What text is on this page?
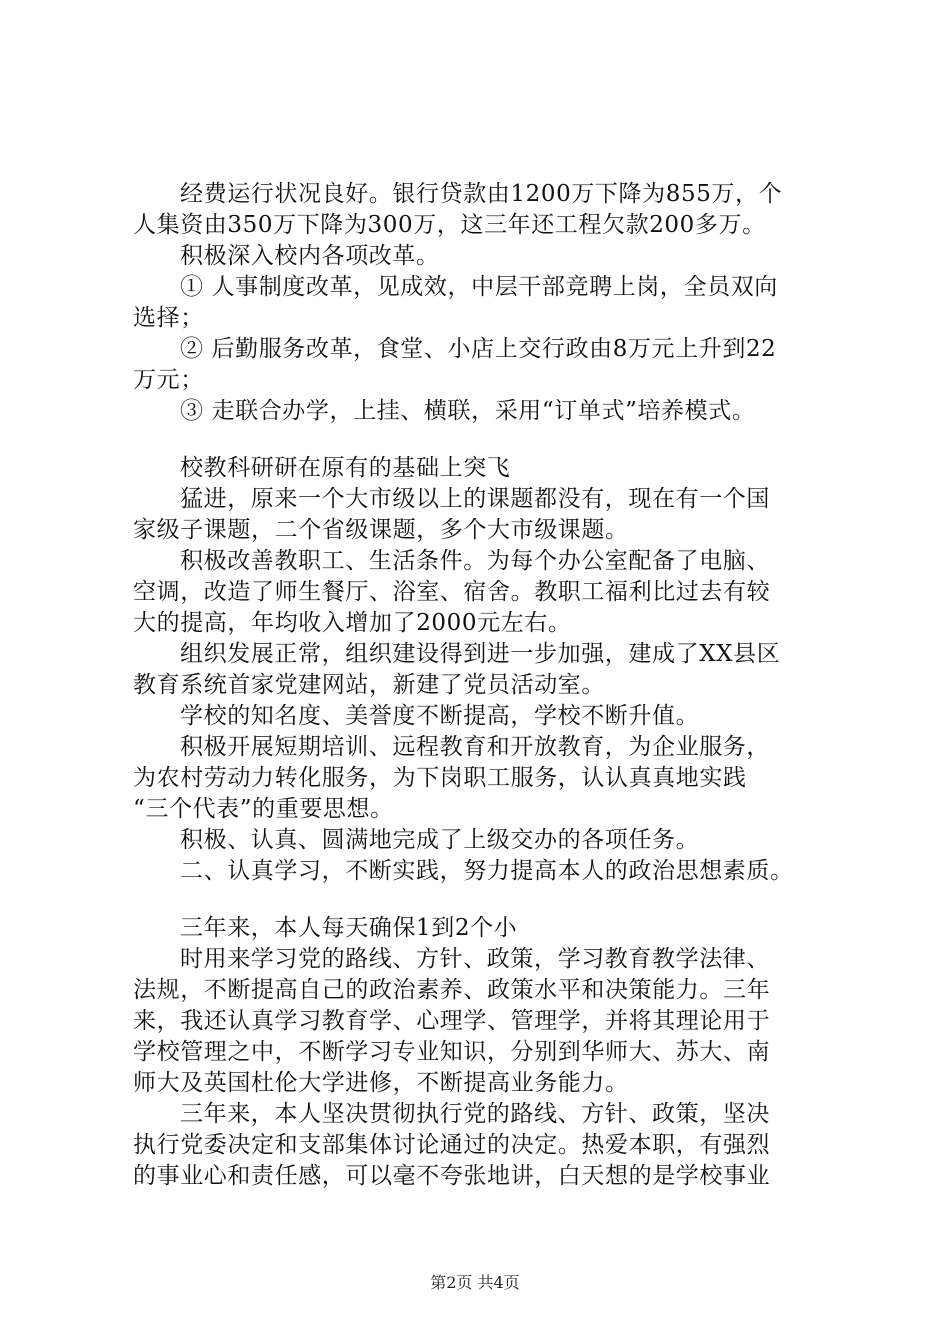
经费运行状况良好。银行贷款由1200万下降为855万，个
人集资由350万下降为300万，这三年还工程欠款200多万。
积极深入校内各项改革。
① 人事制度改革，见成效，中层干部竞聘上岗，全员双向
选择；
② 后勤服务改革，食堂、小店上交行政由8万元上升到22
万元；
③ 走联合办学，上挂、横联，采用“订单式”培养模式。
校教科研研在原有的基础上突飞
猛进，原来一个大市级以上的课题都没有，现在有一个国
家级子课题，二个省级课题，多个大市级课题。
积极改善教职工、生活条件。为每个办公室配备了电脑、
空调，改造了师生餐厅、浴室、宿舍。教职工福利比过去有较
大的提高，年均收入增加了2000元左右。
组织发展正常，组织建设得到进一步加强，建成了XX县区
教育系统首家党建网站，新建了党员活动室。
学校的知名度、美誉度不断提高，学校不断升值。
积极开展短期培训、远程教育和开放教育，为企业服务，
为农村劳动力转化服务，为下岗职工服务，认认真真地实践
“三个代表”的重要思想。
积极、认真、圆满地完成了上级交办的各项任务。
二、认真学习，不断实践，努力提高本人的政治思想素质。
三年来，本人每天确保1到2个小
时用来学习党的路线、方针、政策，学习教育教学法律、
法规，不断提高自己的政治素养、政策水平和决策能力。三年
来，我还认真学习教育学、心理学、管理学，并将其理论用于
学校管理之中，不断学习专业知识，分别到华师大、苏大、南
师大及英国杜伦大学进修，不断提高业务能力。
三年来，本人坚决贯彻执行党的路线、方针、政策，坚决
执行党委决定和支部集体讨论通过的决定。热爱本职，有强烈
的事业心和责任感，可以毫不夸张地讲，白天想的是学校事业
第2页 共4页
